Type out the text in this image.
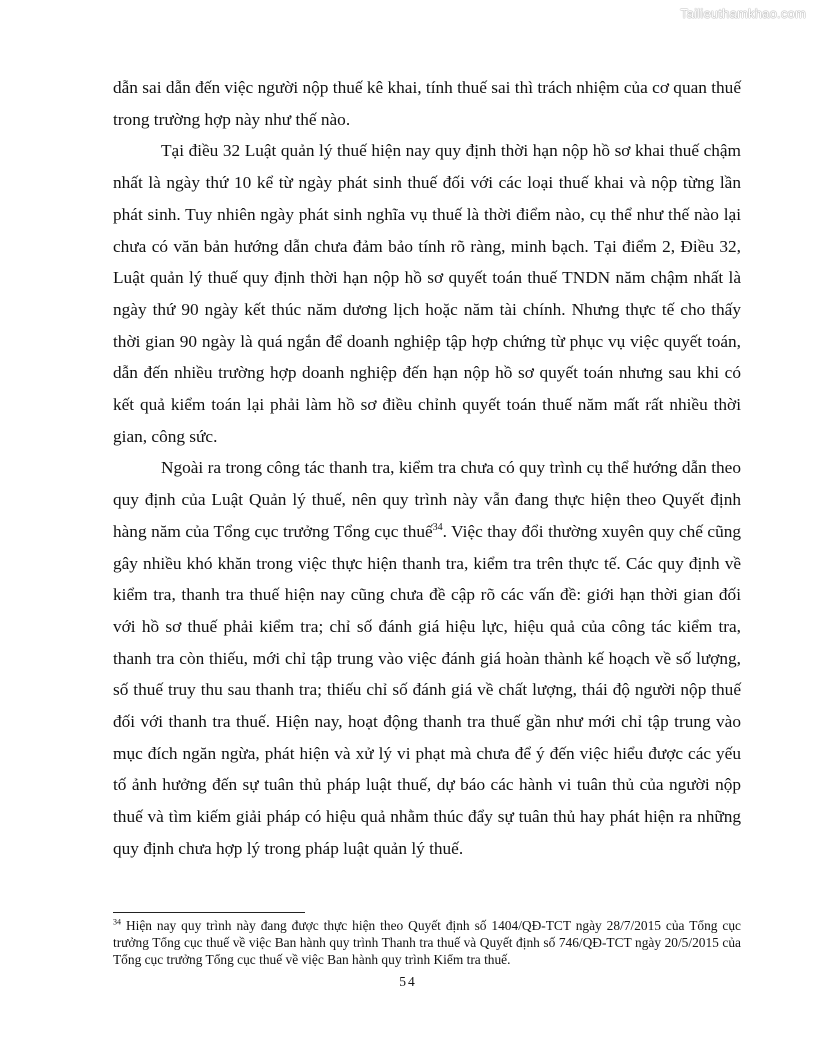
Tailieuthamkhao.com

dẫn sai dẫn đến việc người nộp thuế kê khai, tính thuế sai thì trách nhiệm của cơ quan thuế trong trường hợp này như thế nào.

Tại điều 32 Luật quản lý thuế hiện nay quy định thời hạn nộp hồ sơ khai thuế chậm nhất là ngày thứ 10 kể từ ngày phát sinh thuế đối với các loại thuế khai và nộp từng lần phát sinh. Tuy nhiên ngày phát sinh nghĩa vụ thuế là thời điểm nào, cụ thể như thế nào lại chưa có văn bản hướng dẫn chưa đảm bảo tính rõ ràng, minh bạch. Tại điểm 2, Điều 32, Luật quản lý thuế quy định thời hạn nộp hồ sơ quyết toán thuế TNDN năm chậm nhất là ngày thứ 90 ngày kết thúc năm dương lịch hoặc năm tài chính. Nhưng thực tế cho thấy thời gian 90 ngày là quá ngắn để doanh nghiệp tập hợp chứng từ phục vụ việc quyết toán, dẫn đến nhiều trường hợp doanh nghiệp đến hạn nộp hồ sơ quyết toán nhưng sau khi có kết quả kiểm toán lại phải làm hồ sơ điều chỉnh quyết toán thuế năm mất rất nhiều thời gian, công sức.

Ngoài ra trong công tác thanh tra, kiểm tra chưa có quy trình cụ thể hướng dẫn theo quy định của Luật Quản lý thuế, nên quy trình này vẫn đang thực hiện theo Quyết định hàng năm của Tổng cục trưởng Tổng cục thuế$^{34}$. Việc thay đổi thường xuyên quy chế cũng gây nhiều khó khăn trong việc thực hiện thanh tra, kiểm tra trên thực tế. Các quy định về kiểm tra, thanh tra thuế hiện nay cũng chưa đề cập rõ các vấn đề: giới hạn thời gian đối với hồ sơ thuế phải kiểm tra; chỉ số đánh giá hiệu lực, hiệu quả của công tác kiểm tra, thanh tra còn thiếu, mới chỉ tập trung vào việc đánh giá hoàn thành kế hoạch về số lượng, số thuế truy thu sau thanh tra; thiếu chỉ số đánh giá về chất lượng, thái độ người nộp thuế đối với thanh tra thuế. Hiện nay, hoạt động thanh tra thuế gần như mới chỉ tập trung vào mục đích ngăn ngừa, phát hiện và xử lý vi phạt mà chưa để ý đến việc hiểu được các yếu tố ảnh hưởng đến sự tuân thủ pháp luật thuế, dự báo các hành vi tuân thủ của người nộp thuế và tìm kiếm giải pháp có hiệu quả nhằm thúc đẩy sự tuân thủ hay phát hiện ra những quy định chưa hợp lý trong pháp luật quản lý thuế.

$^{34}$ Hiện nay quy trình này đang được thực hiện theo Quyết định số 1404/QĐ-TCT ngày 28/7/2015 của Tổng cục trưởng Tổng cục thuế về việc Ban hành quy trình Thanh tra thuế và Quyết định số 746/QĐ-TCT ngày 20/5/2015 của Tổng cục trưởng Tổng cục thuế về việc Ban hành quy trình Kiểm tra thuế.
54
